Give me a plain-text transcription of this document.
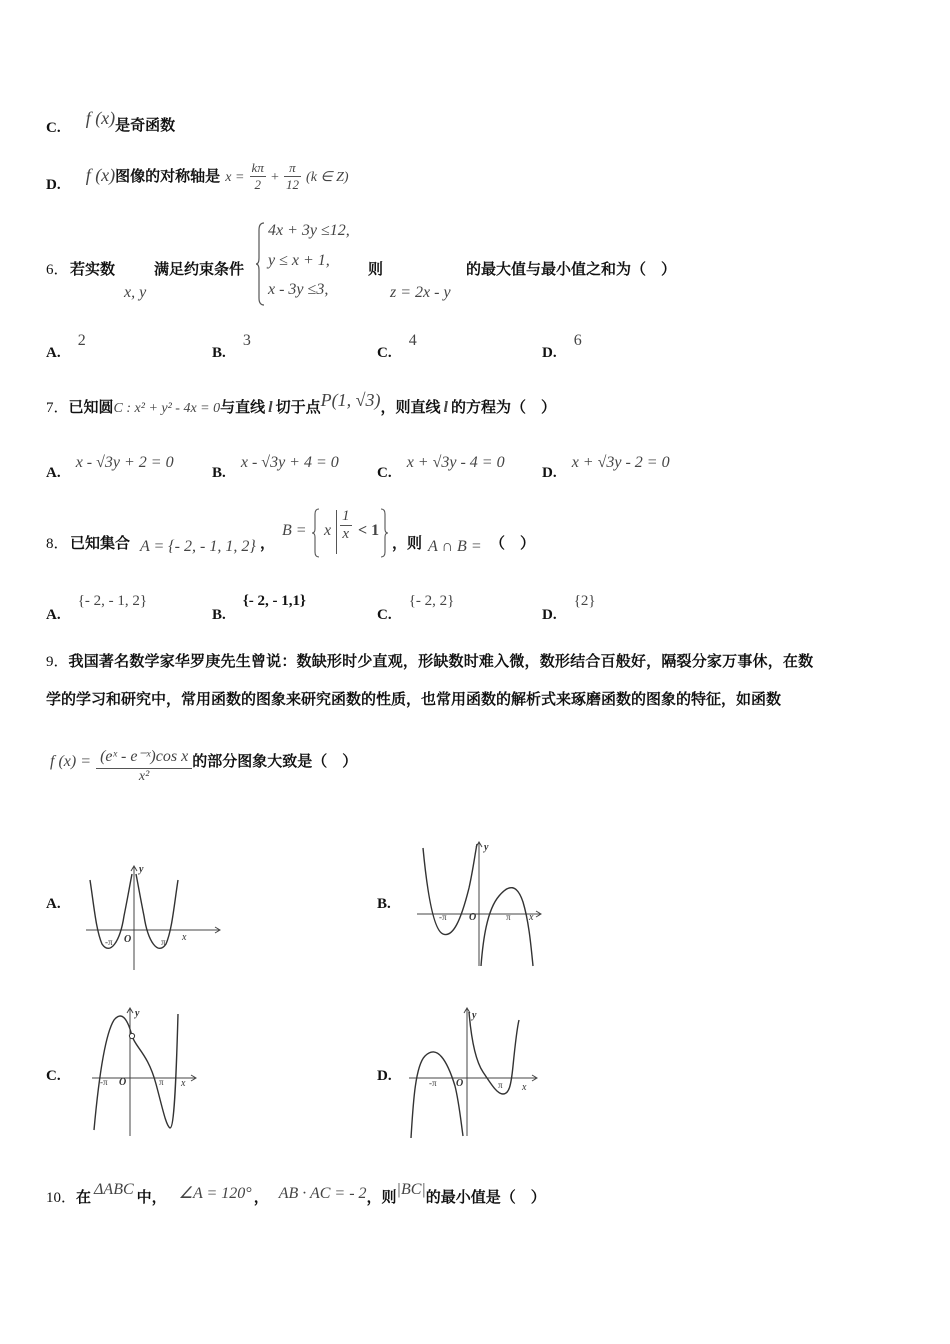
C. f (x)是奇函数
D. f (x)图像的对称轴是 $x = \frac{k\pi}{2} + \frac{\pi}{12} (k$ ∈ Z)
6． 若实数
x, y
满足约束条件
4x + 3y ≤12,
y ≤ x + 1,
x - 3y ≤3,
则
z = 2x - y
的最大值与最小值之和为（　）
A. 2
B. 3
C. 4
D. 6
7．已知圆C : x² + y² - 4x = 0与直线 l 切于点P(1, √3)，则直线 l 的方程为（　）
A. x - √3y + 2 = 0
B. x - √3y + 4 = 0
C. x + √3y - 4 = 0
D. x + √3y - 2 = 0
8． 已知集合 A = {- 2, - 1, 1, 2} ，
B = x $\frac{1}{x} < 1$
，则 A ∩ B = （　）
A. {- 2, - 1, 2}
B. {- 2, - 1,1}
C. {- 2, 2}
D. {2}
9．我国著名数学家华罗庚先生曾说：数缺形时少直观，形缺数时难入微，数形结合百般好，隔裂分家万事休，在数
学的学习和研究中，常用函数的图象来研究函数的性质，也常用函数的解析式来琢磨函数的图象的特征，如函数
f $(x) = \frac{\text{(eˣ - e⁻ˣ)cos x}}{\text{x²}}$ 的部分图象大致是（　）
A.
-π O	π x
y
B.
-π O	π x
y
C.	-π O	π x
y
D.	-π O	π x
y
10．在 ΔABC 中， ∠A = 120° ， AB · AC = - 2，则|BC|的最小值是（　）
